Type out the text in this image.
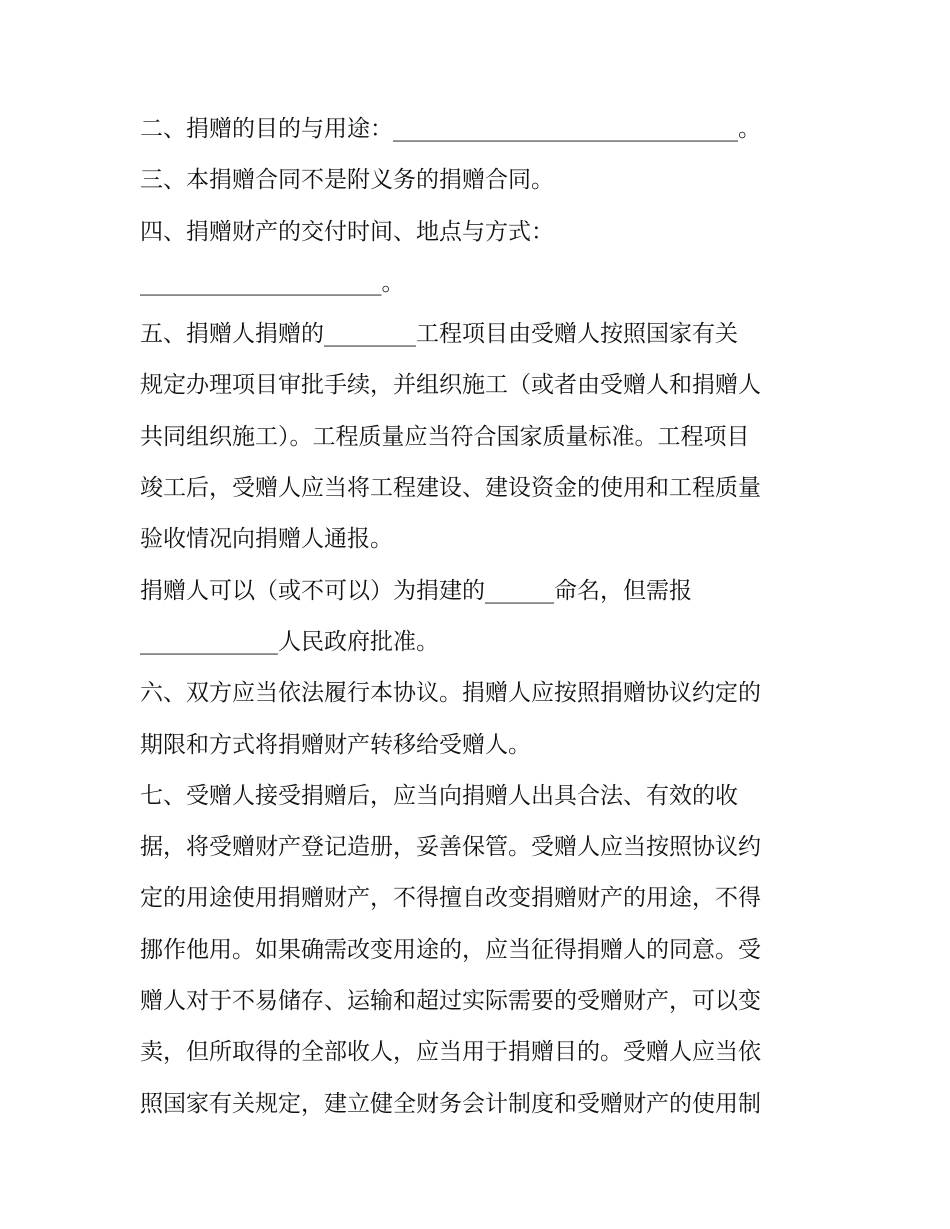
二、捐赠的目的与用途：______________________________。
三、本捐赠合同不是附义务的捐赠合同。
四、捐赠财产的交付时间、地点与方式：
_____________________。
五、捐赠人捐赠的________工程项目由受赠人按照国家有关
规定办理项目审批手续，并组织施工（或者由受赠人和捐赠人
共同组织施工）。工程质量应当符合国家质量标准。工程项目
竣工后，受赠人应当将工程建设、建设资金的使用和工程质量
验收情况向捐赠人通报。
捐赠人可以（或不可以）为捐建的______命名，但需报
____________人民政府批准。
六、双方应当依法履行本协议。捐赠人应按照捐赠协议约定的
期限和方式将捐赠财产转移给受赠人。
七、受赠人接受捐赠后，应当向捐赠人出具合法、有效的收
据，将受赠财产登记造册，妥善保管。受赠人应当按照协议约
定的用途使用捐赠财产，不得擅自改变捐赠财产的用途，不得
挪作他用。如果确需改变用途的，应当征得捐赠人的同意。受
赠人对于不易储存、运输和超过实际需要的受赠财产，可以变
卖，但所取得的全部收人，应当用于捐赠目的。受赠人应当依
照国家有关规定，建立健全财务会计制度和受赠财产的使用制
